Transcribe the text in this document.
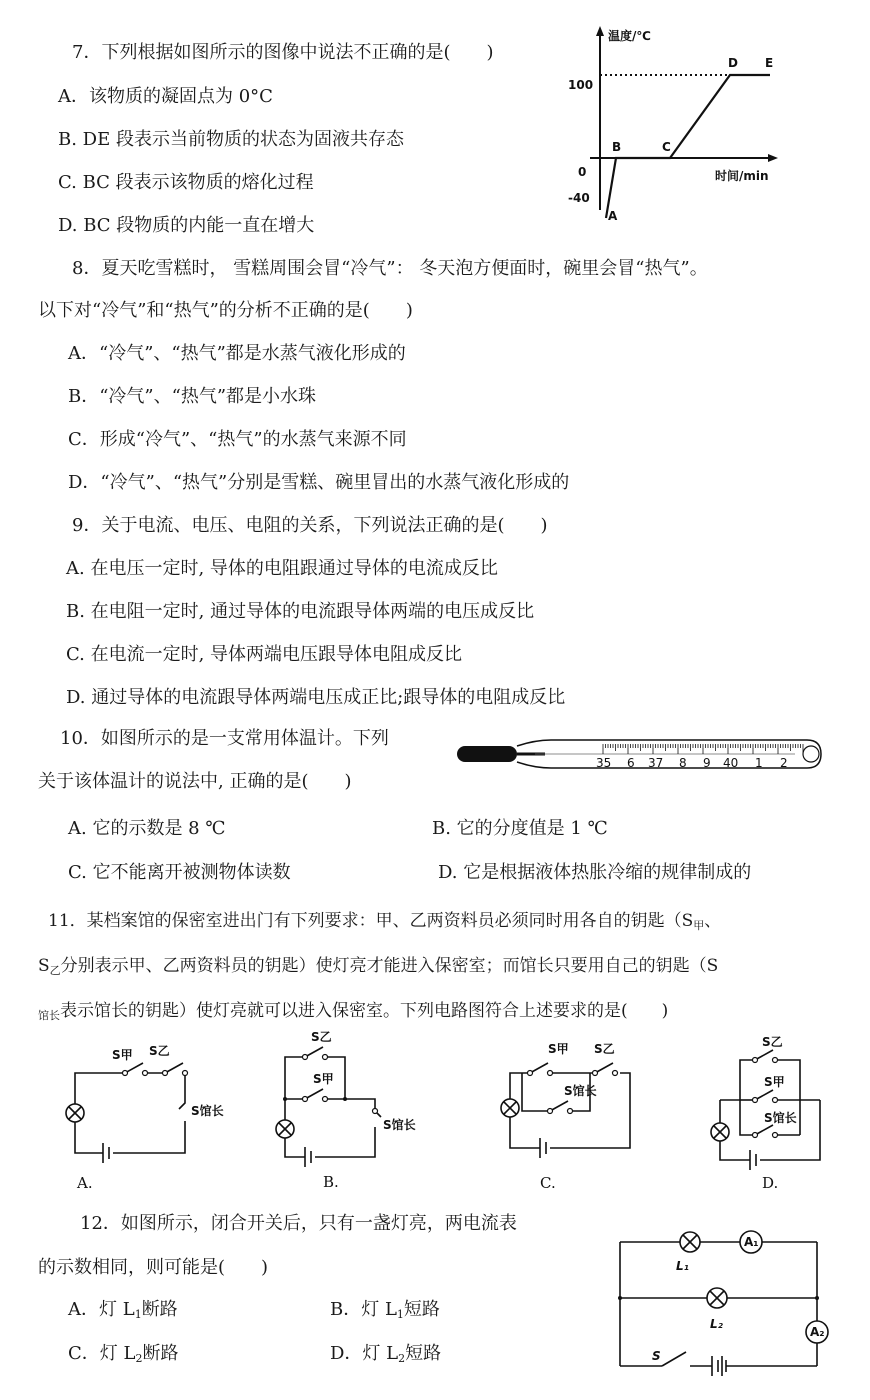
7．下列根据如图所示的图像中说法不正确的是(　　)
A．该物质的凝固点为 0°C
B. DE 段表示当前物质的状态为固液共存态
C. BC 段表示该物质的熔化过程
D. BC 段物质的内能一直在增大
温度/℃
时间/min
100
0
-40
A
B	C
D E
8．夏天吃雪糕时， 雪糕周围会冒“冷气”： 冬天泡方便面时，碗里会冒“热气”。
以下对“冷气”和“热气”的分析不正确的是(　　)
A．“冷气”、“热气”都是水蒸气液化形成的
B．“冷气”、“热气”都是小水珠
C．形成“冷气”、“热气”的水蒸气来源不同
D．“冷气”、“热气”分别是雪糕、碗里冒出的水蒸气液化形成的
9．关于电流、电压、电阻的关系，下列说法正确的是(　　)
A. 在电压一定时, 导体的电阻跟通过导体的电流成反比
B. 在电阻一定时, 通过导体的电流跟导体两端的电压成反比
C. 在电流一定时, 导体两端电压跟导体电阻成反比
D. 通过导体的电流跟导体两端电压成正比;跟导体的电阻成反比
10．如图所示的是一支常用体温计。下列
关于该体温计的说法中, 正确的是(　　)
35 6 37 8 9 40 1 2
A. 它的示数是 8 ℃	B. 它的分度值是 1 ℃
C. 它不能离开被测物体读数	D. 它是根据液体热胀冷缩的规律制成的
11．某档案馆的保密室进出门有下列要求：甲、乙两资料员必须同时用各自的钥匙（S甲、
S乙分别表示甲、乙两资料员的钥匙）使灯亮才能进入保密室；而馆长只要用自己的钥匙（S
馆长表示馆长的钥匙）使灯亮就可以进入保密室。下列电路图符合上述要求的是(　　)
S甲 S乙
S馆长
A.
S乙
S甲
S馆长
B.
S甲 S乙
S馆长
C.
S乙
S甲
S馆长
D.
12．如图所示，闭合开关后，只有一盏灯亮，两电流表
的示数相同，则可能是(　　)
A．灯 L1断路	B．灯 L1短路
C．灯 L2断路	D．灯 L2短路
A₁
A₂
L₁
L₂
S
